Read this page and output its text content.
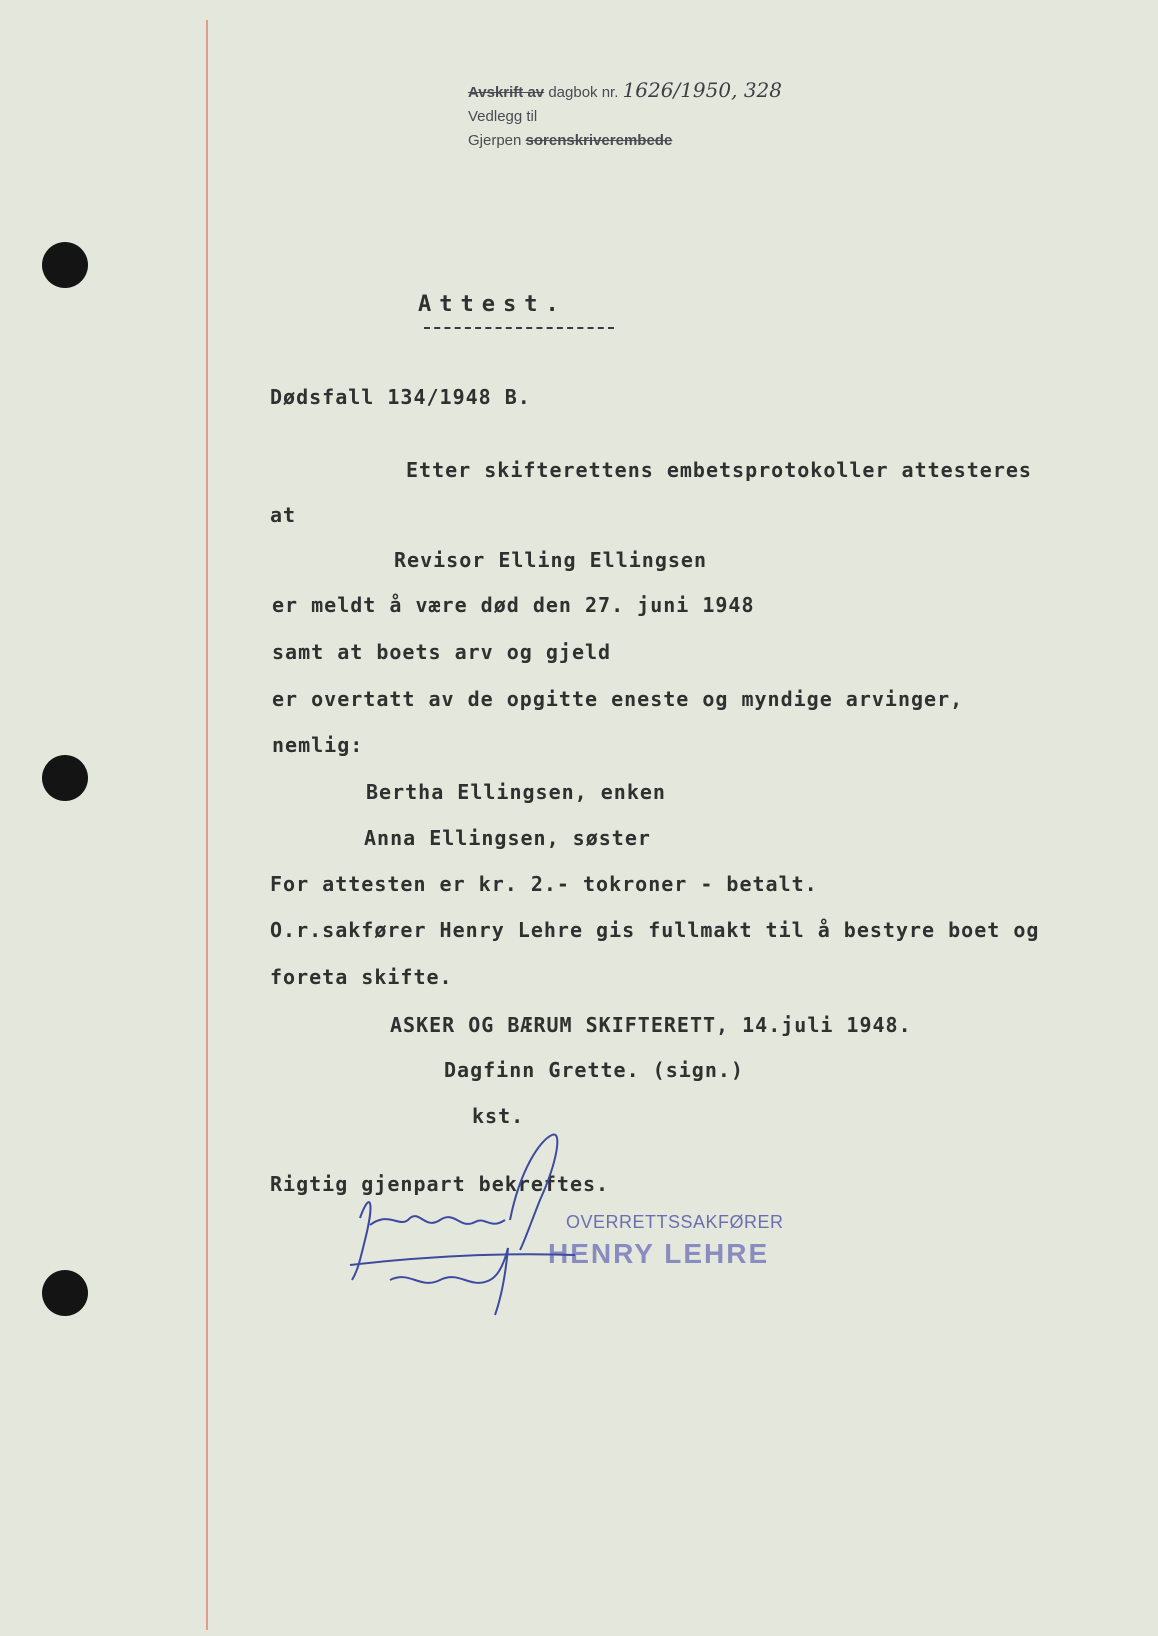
Avskrift av dagbok nr. 1626/1950, 328
Vedlegg til
Gjerpen sorenskriverembede
Attest.
Dødsfall 134/1948 B.
Etter skifterettens embetsprotokoller attesteres
at
Revisor Elling Ellingsen
er meldt å være død den 27. juni 1948
samt at boets arv og gjeld
er overtatt av de opgitte eneste og myndige arvinger,
nemlig:
Bertha Ellingsen, enken
Anna Ellingsen, søster
For attesten er kr. 2.- tokroner - betalt.
O.r.sakfører Henry Lehre gis fullmakt til å bestyre boet og
foreta skifte.
ASKER OG BÆRUM SKIFTERETT, 14.juli 1948.
Dagfinn Grette. (sign.)
kst.
Rigtig gjenpart bekreftes.
OVERRETTSSAKFØRER
HENRY LEHRE
